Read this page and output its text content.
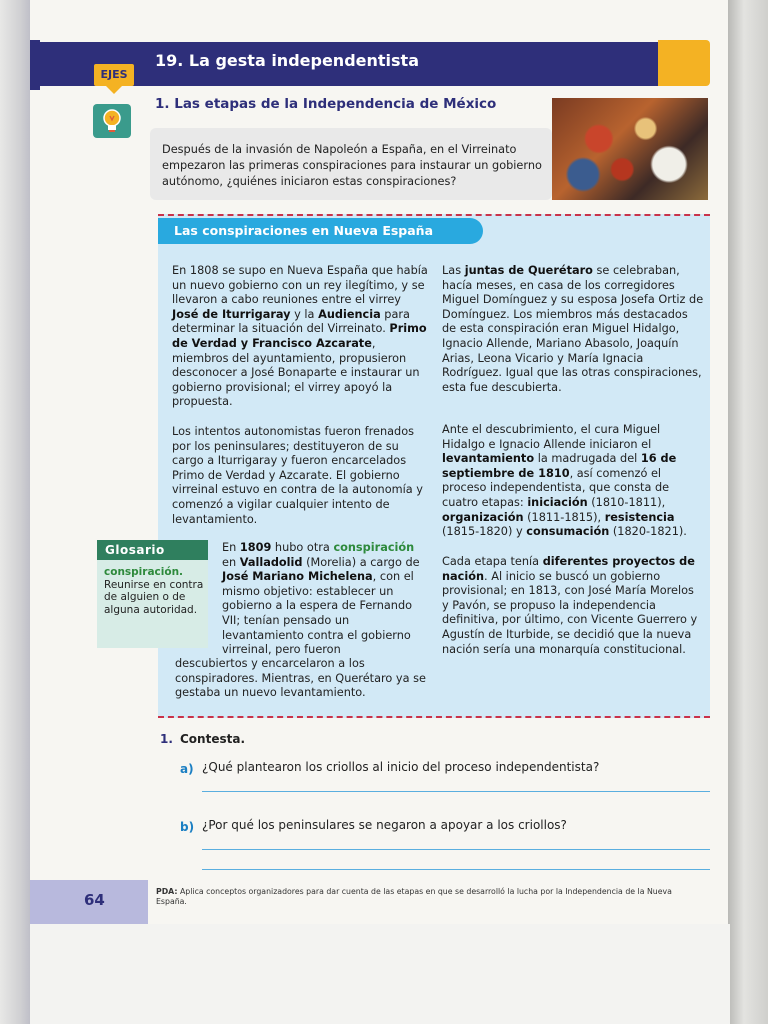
EJES
19. La gesta independentista
1. Las etapas de la Independencia de México

Después de la invasión de Napoleón a España, en el Virreinato empezaron las primeras conspiraciones para instaurar un gobierno autónomo, ¿quiénes iniciaron estas conspiraciones?

Las conspiraciones en Nueva España

En 1808 se supo en Nueva España que había un nuevo gobierno con un rey ilegítimo, y se llevaron a cabo reuniones entre el virrey José de Iturrigaray y la Audiencia para determinar la situación del Virreinato. Primo de Verdad y Francisco Azcarate, miembros del ayuntamiento, propusieron desconocer a José Bonaparte e instaurar un gobierno provisional; el virrey apoyó la propuesta.

Los intentos autonomistas fueron frenados por los peninsulares; destituyeron de su cargo a Iturrigaray y fueron encarcelados Primo de Verdad y Azcarate. El gobierno virreinal estuvo en contra de la autonomía y comenzó a vigilar cualquier intento de levantamiento.

En 1809 hubo otra conspiración en Valladolid (Morelia) a cargo de José Mariano Michelena, con el mismo objetivo: establecer un gobierno a la espera de Fernando VII; tenían pensado un levantamiento contra el gobierno virreinal, pero fueron

descubiertos y encarcelaron a los conspiradores. Mientras, en Querétaro ya se gestaba un nuevo levantamiento.

Las juntas de Querétaro se celebraban, hacía meses, en casa de los corregidores Miguel Domínguez y su esposa Josefa Ortiz de Domínguez. Los miembros más destacados de esta conspiración eran Miguel Hidalgo, Ignacio Allende, Mariano Abasolo, Joaquín Arias, Leona Vicario y María Ignacia Rodríguez. Igual que las otras conspiraciones, esta fue descubierta.

Ante el descubrimiento, el cura Miguel Hidalgo e Ignacio Allende iniciaron el levantamiento la madrugada del 16 de septiembre de 1810, así comenzó el proceso independentista, que consta de cuatro etapas: iniciación (1810-1811), organización (1811-1815), resistencia (1815-1820) y consumación (1820-1821).

Cada etapa tenía diferentes proyectos de nación. Al inicio se buscó un gobierno provisional; en 1813, con José María Morelos y Pavón, se propuso la independencia definitiva, por último, con Vicente Guerrero y Agustín de Iturbide, se decidió que la nueva nación sería una monarquía constitucional.

Glosario
conspiración.

Reunirse en contra de alguien o de alguna autoridad.

1. Contesta.
a) ¿Qué plantearon los criollos al inicio del proceso independentista?
b) ¿Por qué los peninsulares se negaron a apoyar a los criollos?
64	PDA: Aplica conceptos organizadores para dar cuenta de las etapas en que se desarrolló la lucha por la Independencia de la Nueva España.
